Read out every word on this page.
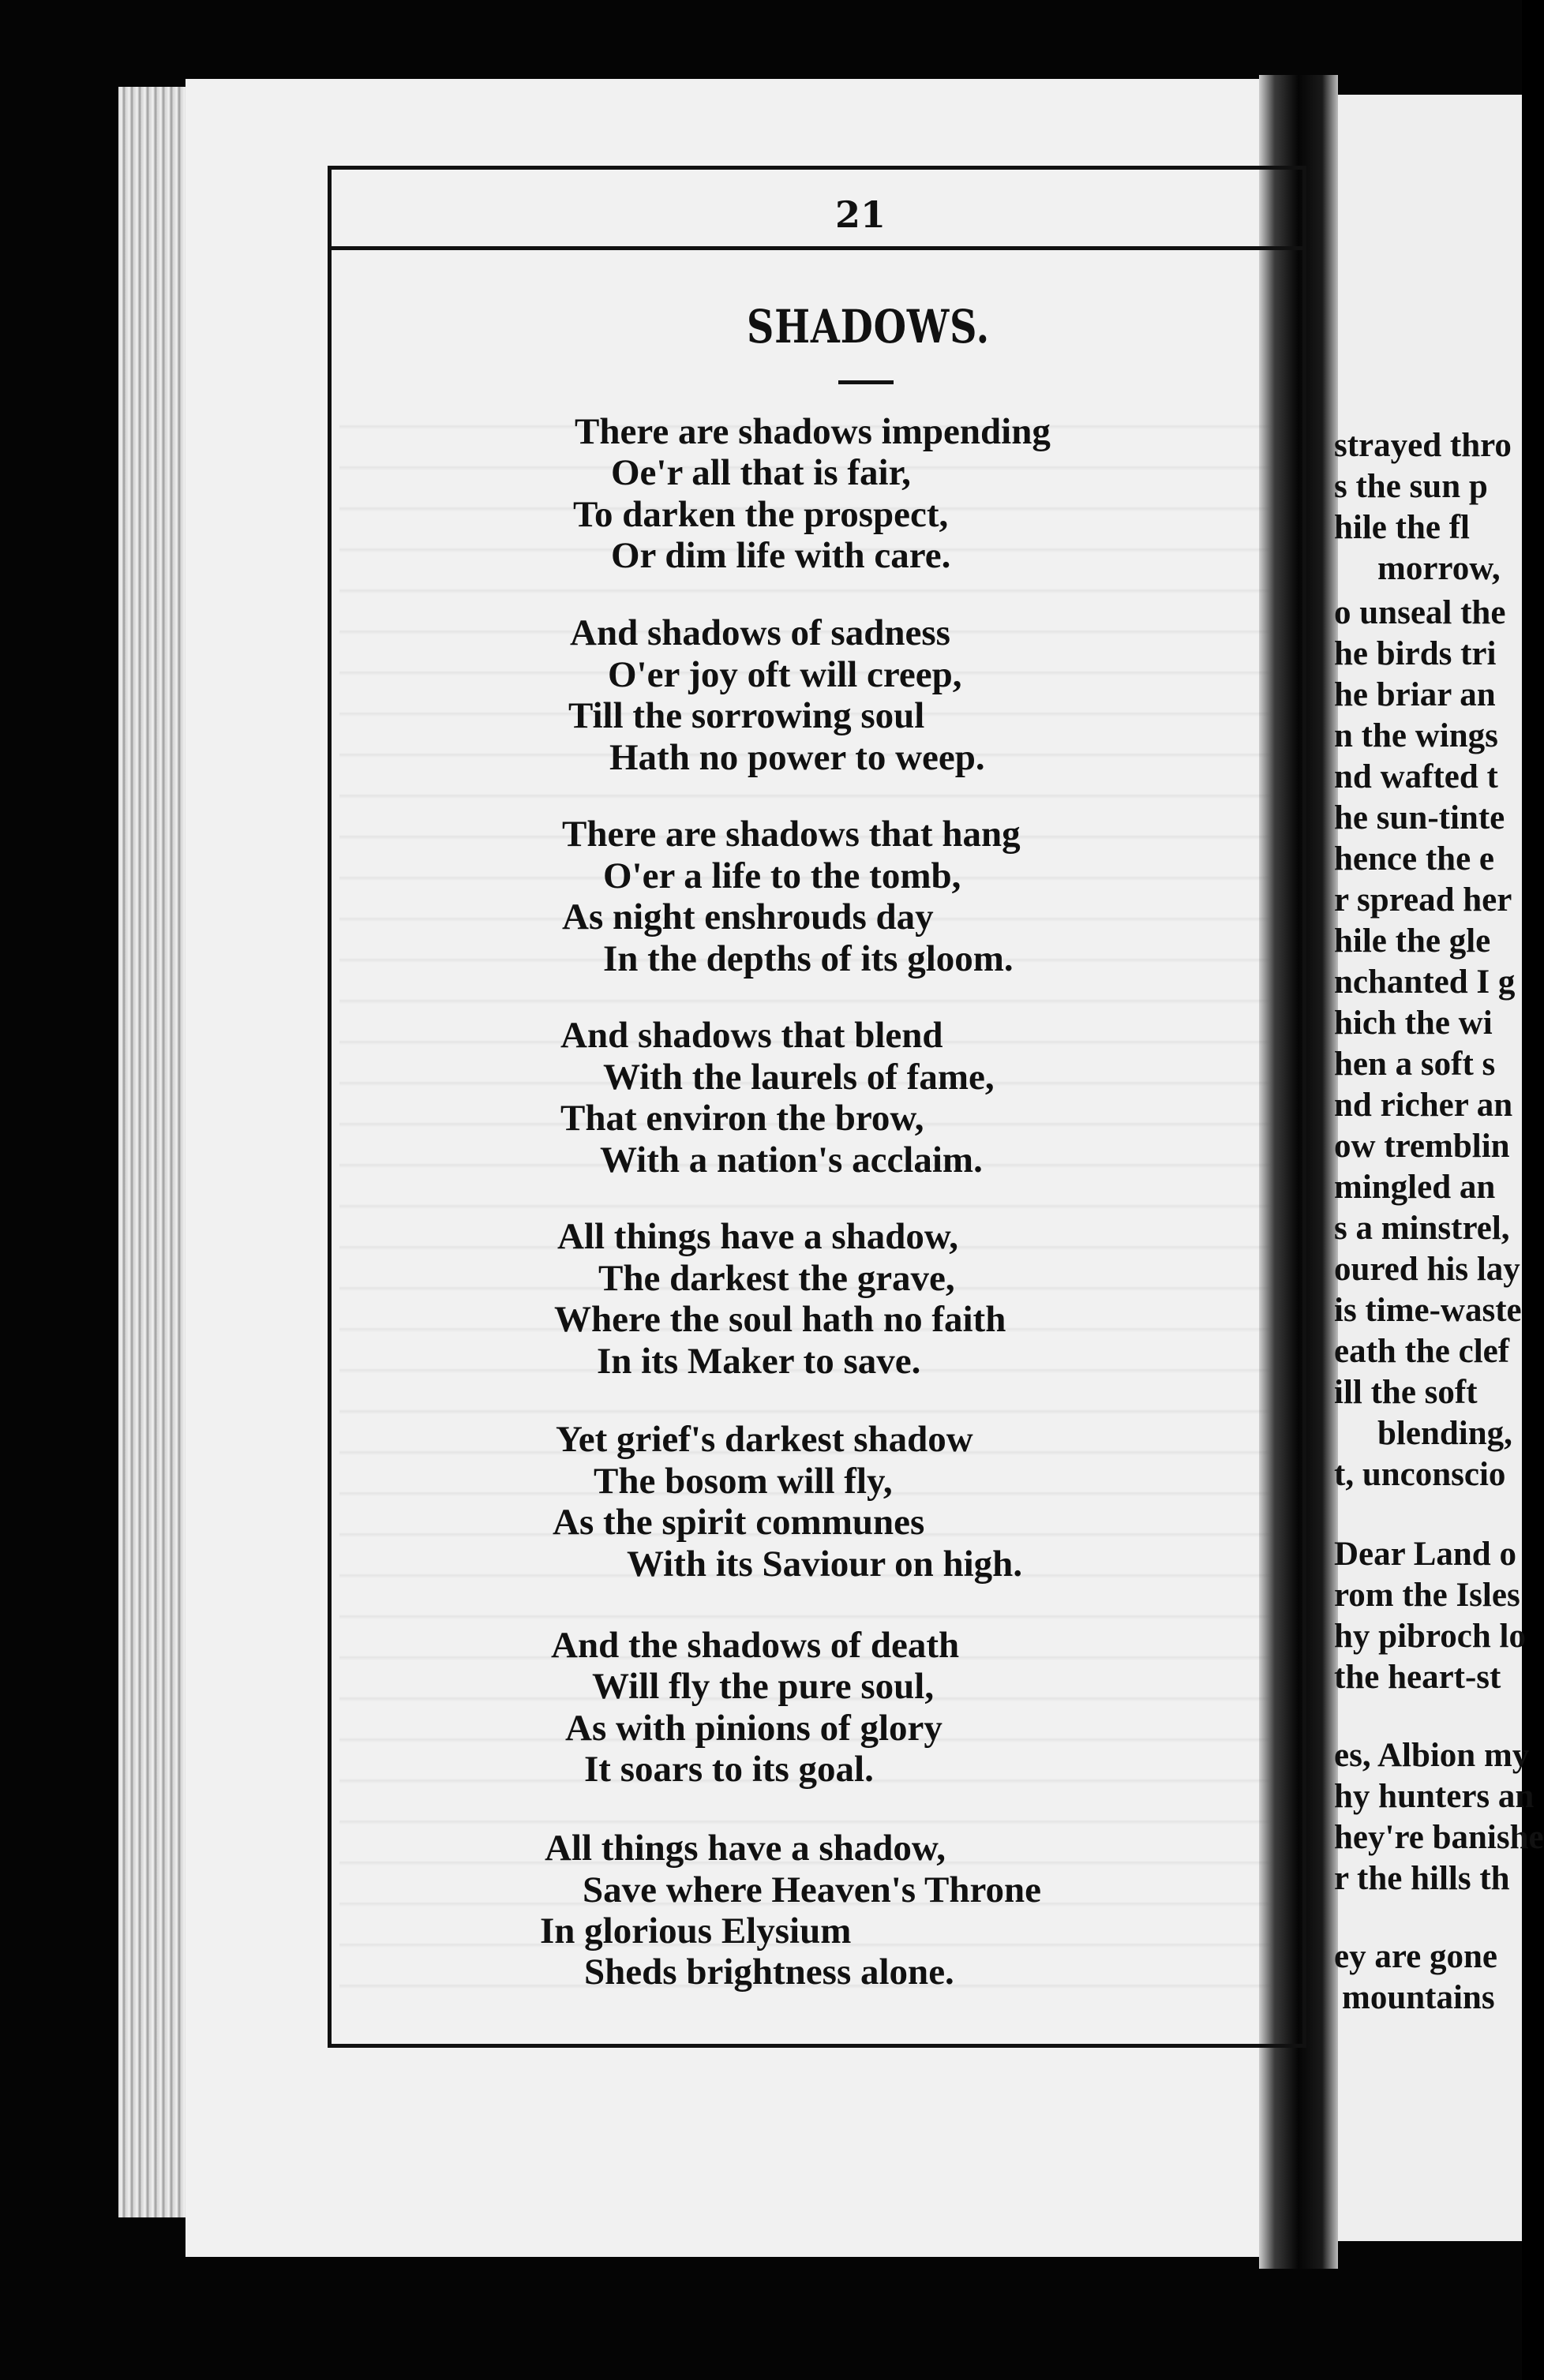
21
SHADOWS.
There are shadows impending
Oe'r all that is fair,
To darken the prospect,
Or dim life with care.
And shadows of sadness
O'er joy oft will creep,
Till the sorrowing soul
Hath no power to weep.
There are shadows that hang
O'er a life to the tomb,
As night enshrouds day
In the depths of its gloom.
And shadows that blend
With the laurels of fame,
That environ the brow,
With a nation's acclaim.
All things have a shadow,
The darkest the grave,
Where the soul hath no faith
In its Maker to save.
Yet grief's darkest shadow
The bosom will fly,
As the spirit communes
With its Saviour on high.
And the shadows of death
Will fly the pure soul,
As with pinions of glory
It soars to its goal.
All things have a shadow,
Save where Heaven's Throne
In glorious Elysium
Sheds brightness alone.
strayed thro
s the sun p
hile the fl
morrow,
o unseal the
he birds tri
he briar an
n the wings
nd wafted t
he sun-tinte
hence the e
r spread her
hile the gle
nchanted I g
hich the wi
hen a soft s
nd richer an
ow tremblin
mingled an
s a minstrel,
oured his lay
is time-waste
eath the clef
ill the soft
blending,
t, unconscio
Dear Land o
rom the Isles
hy pibroch lo
the heart-st
es, Albion my
hy hunters an
hey're banishe
r the hills th
ey are gone
mountains
